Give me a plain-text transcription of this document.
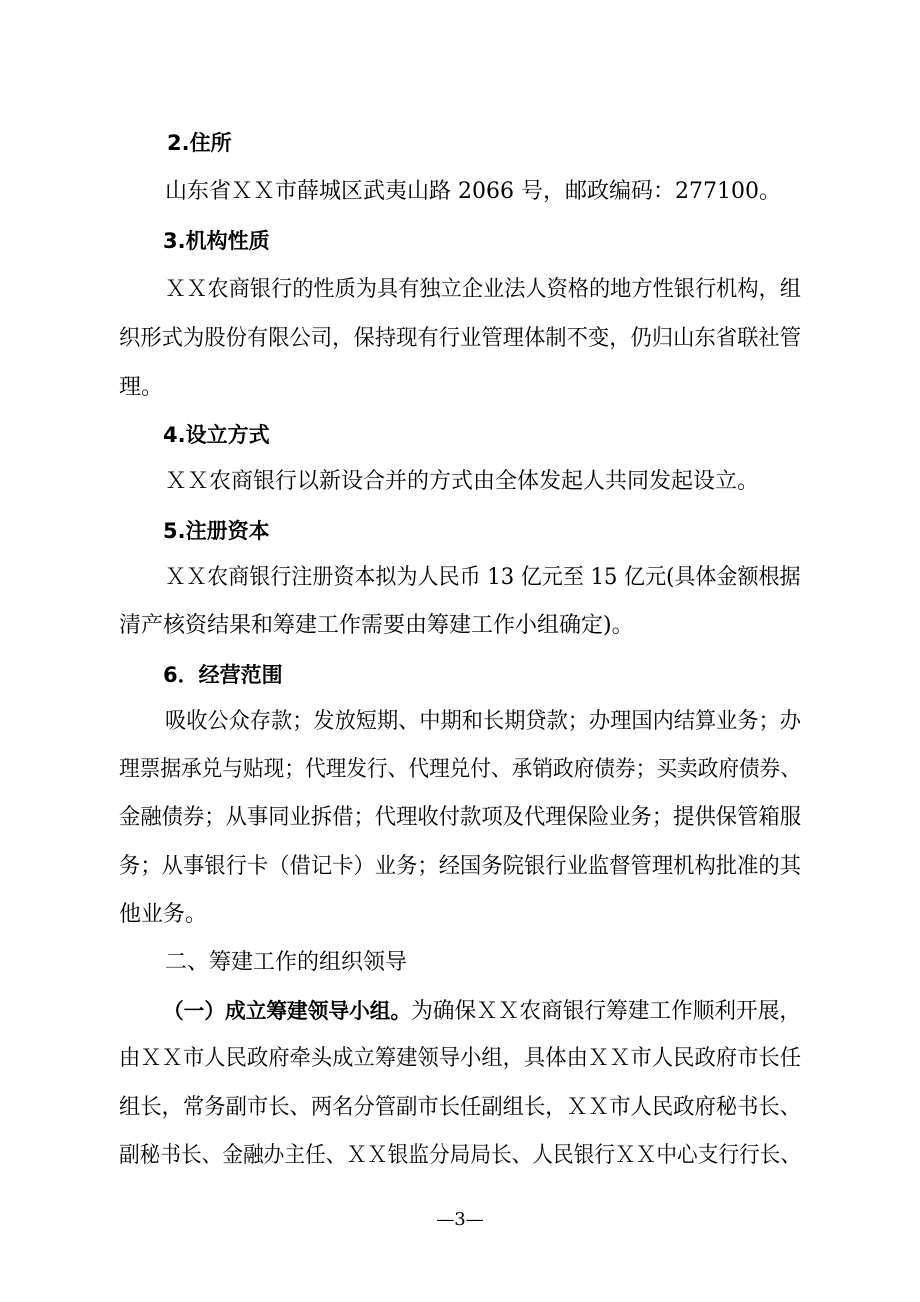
2.住所
山东省ＸＸ市薛城区武夷山路 2066 号，邮政编码：277100。
3.机构性质
ＸＸ农商银行的性质为具有独立企业法人资格的地方性银行机构，组
织形式为股份有限公司，保持现有行业管理体制不变，仍归山东省联社管
理。
4.设立方式
ＸＸ农商银行以新设合并的方式由全体发起人共同发起设立。
5.注册资本
ＸＸ农商银行注册资本拟为人民币 13 亿元至 15 亿元(具体金额根据
清产核资结果和筹建工作需要由筹建工作小组确定)。
6．经营范围
吸收公众存款；发放短期、中期和长期贷款；办理国内结算业务；办
理票据承兑与贴现；代理发行、代理兑付、承销政府债券；买卖政府债券、
金融债券；从事同业拆借；代理收付款项及代理保险业务；提供保管箱服
务；从事银行卡（借记卡）业务；经国务院银行业监督管理机构批准的其
他业务。
二、筹建工作的组织领导
（一）成立筹建领导小组。为确保ＸＸ农商银行筹建工作顺利开展，
由ＸＸ市人民政府牵头成立筹建领导小组，具体由ＸＸ市人民政府市长任
组长，常务副市长、两名分管副市长任副组长，ＸＸ市人民政府秘书长、
副秘书长、金融办主任、ＸＸ银监分局局长、人民银行ＸＸ中心支行行长、
—3—
